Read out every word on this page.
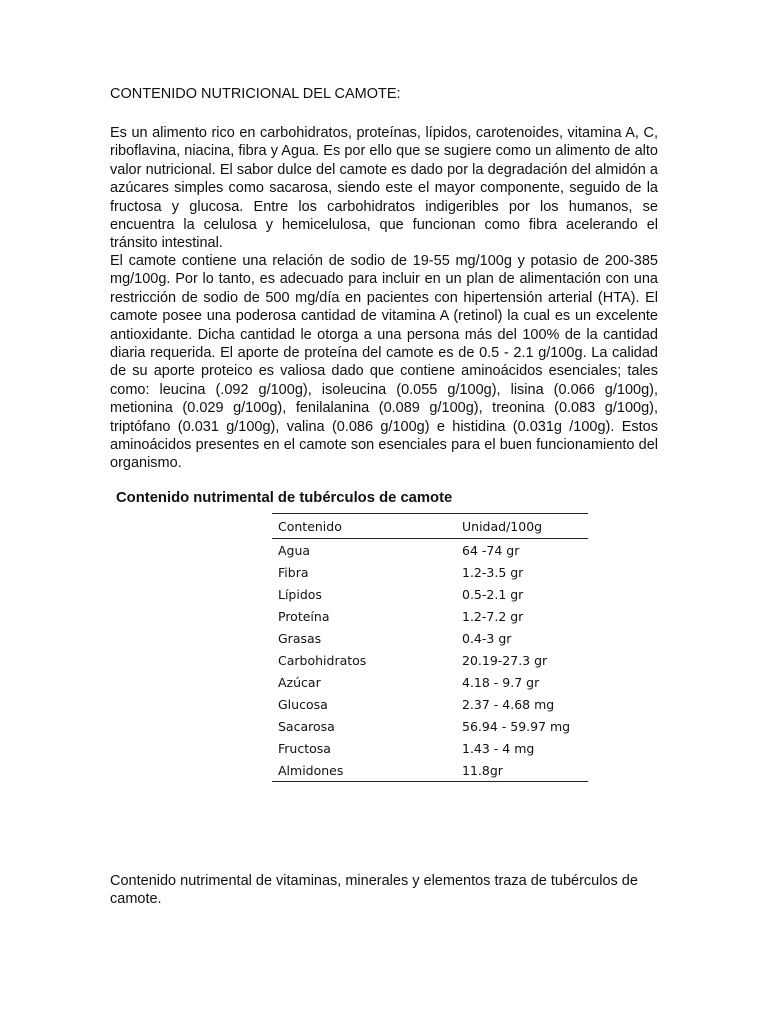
CONTENIDO NUTRICIONAL DEL CAMOTE:

Es un alimento rico en carbohidratos, proteínas, lípidos, carotenoides, vitamina A, C, riboflavina, niacina, fibra y Agua. Es por ello que se sugiere como un alimento de alto valor nutricional. El sabor dulce del camote es dado por la degradación del almidón a azúcares simples como sacarosa, siendo este el mayor componente, seguido de la fructosa y glucosa. Entre los carbohidratos indigeribles por los humanos, se encuentra la celulosa y hemicelulosa, que funcionan como fibra acelerando el tránsito intestinal.

El camote contiene una relación de sodio de 19-55 mg/100g y potasio de 200-385 mg/100g. Por lo tanto, es adecuado para incluir en un plan de alimentación con una restricción de sodio de 500 mg/día en pacientes con hipertensión arterial (HTA). El camote posee una poderosa cantidad de vitamina A (retinol) la cual es un excelente antioxidante. Dicha cantidad le otorga a una persona más del 100% de la cantidad diaria requerida. El aporte de proteína del camote es de 0.5 - 2.1 g/100g. La calidad de su aporte proteico es valiosa dado que contiene aminoácidos esenciales; tales como: leucina (.092 g/100g), isoleucina (0.055 g/100g), lisina (0.066 g/100g), metionina (0.029 g/100g), fenilalanina (0.089 g/100g), treonina (0.083 g/100g), triptófano (0.031 g/100g), valina (0.086 g/100g) e histidina (0.031g /100g). Estos aminoácidos presentes en el camote son esenciales para el buen funcionamiento del organismo.

Contenido nutrimental de tubérculos de camote

Contenido	Unidad/100g
Agua	64 -74 gr
Fibra	1.2-3.5 gr
Lípidos	0.5-2.1 gr
Proteína	1.2-7.2 gr
Grasas	0.4-3 gr
Carbohidratos	20.19-27.3 gr
Azúcar	4.18 - 9.7 gr
Glucosa	2.37 - 4.68 mg
Sacarosa	56.94 - 59.97 mg
Fructosa	1.43 - 4 mg
Almidones	11.8gr

Contenido nutrimental de vitaminas, minerales y elementos traza de tubérculos de camote.
